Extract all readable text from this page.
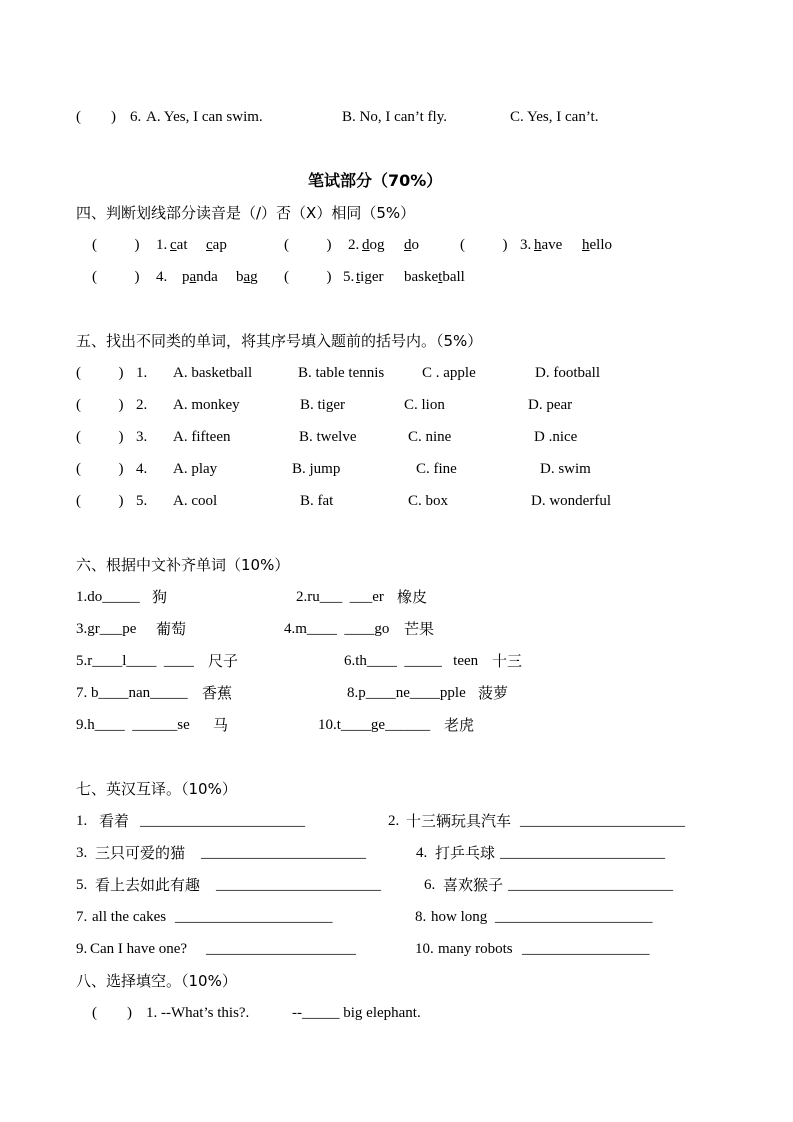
(        ) 6. A. Yes, I can swim.	B. No, I can’t fly.	C. Yes, I can’t.
笔试部分（70%）
四、判断划线部分读音是（/）否（X）相同（5%）
(          ) 1. cat cap	(          ) 2. dog do	(          ) 3. have hello
(          ) 4. panda bag (          ) 5. tiger basketball
五、找出不同类的单词，将其序号填入题前的括号内。（5%）
(          ) 1. A. basketball	B. table tennis	C . apple	D. football
(          ) 2. A. monkey	B. tiger	C. lion	D. pear
(          ) 3. A. fifteen	B. twelve	C. nine	D .nice
(          ) 4. A. play	B. jump	C. fine	D. swim
(          ) 5. A. cool	B. fat	C. box	D. wonderful
六、根据中文补齐单词（10%）
1.do_____ 狗	2.ru___  ___er 橡皮
3.gr___pe 葡萄	4.m____  ____go 芒果
5.r____l____  ____ 尺子	6.th____  _____   teen 十三
7. b____nan_____ 香蕉	8.p____ne____pple 菠萝
9.h____  ______se 马	10.t____ge______ 老虎
七、英汉互译。（10%）
1. 看着 ______________________	2. 十三辆玩具汽车 ______________________
3. 三只可爱的猫 ______________________	4. 打乒乓球 ______________________
5. 看上去如此有趣 ______________________	6. 喜欢猴子 ______________________
7. all the cakes _____________________	8. how long _____________________
9. Can I have one? ____________________	10. many robots _________________
八、选择填空。（10%）
(        ) 1. --What’s this?.	--_____ big elephant.
